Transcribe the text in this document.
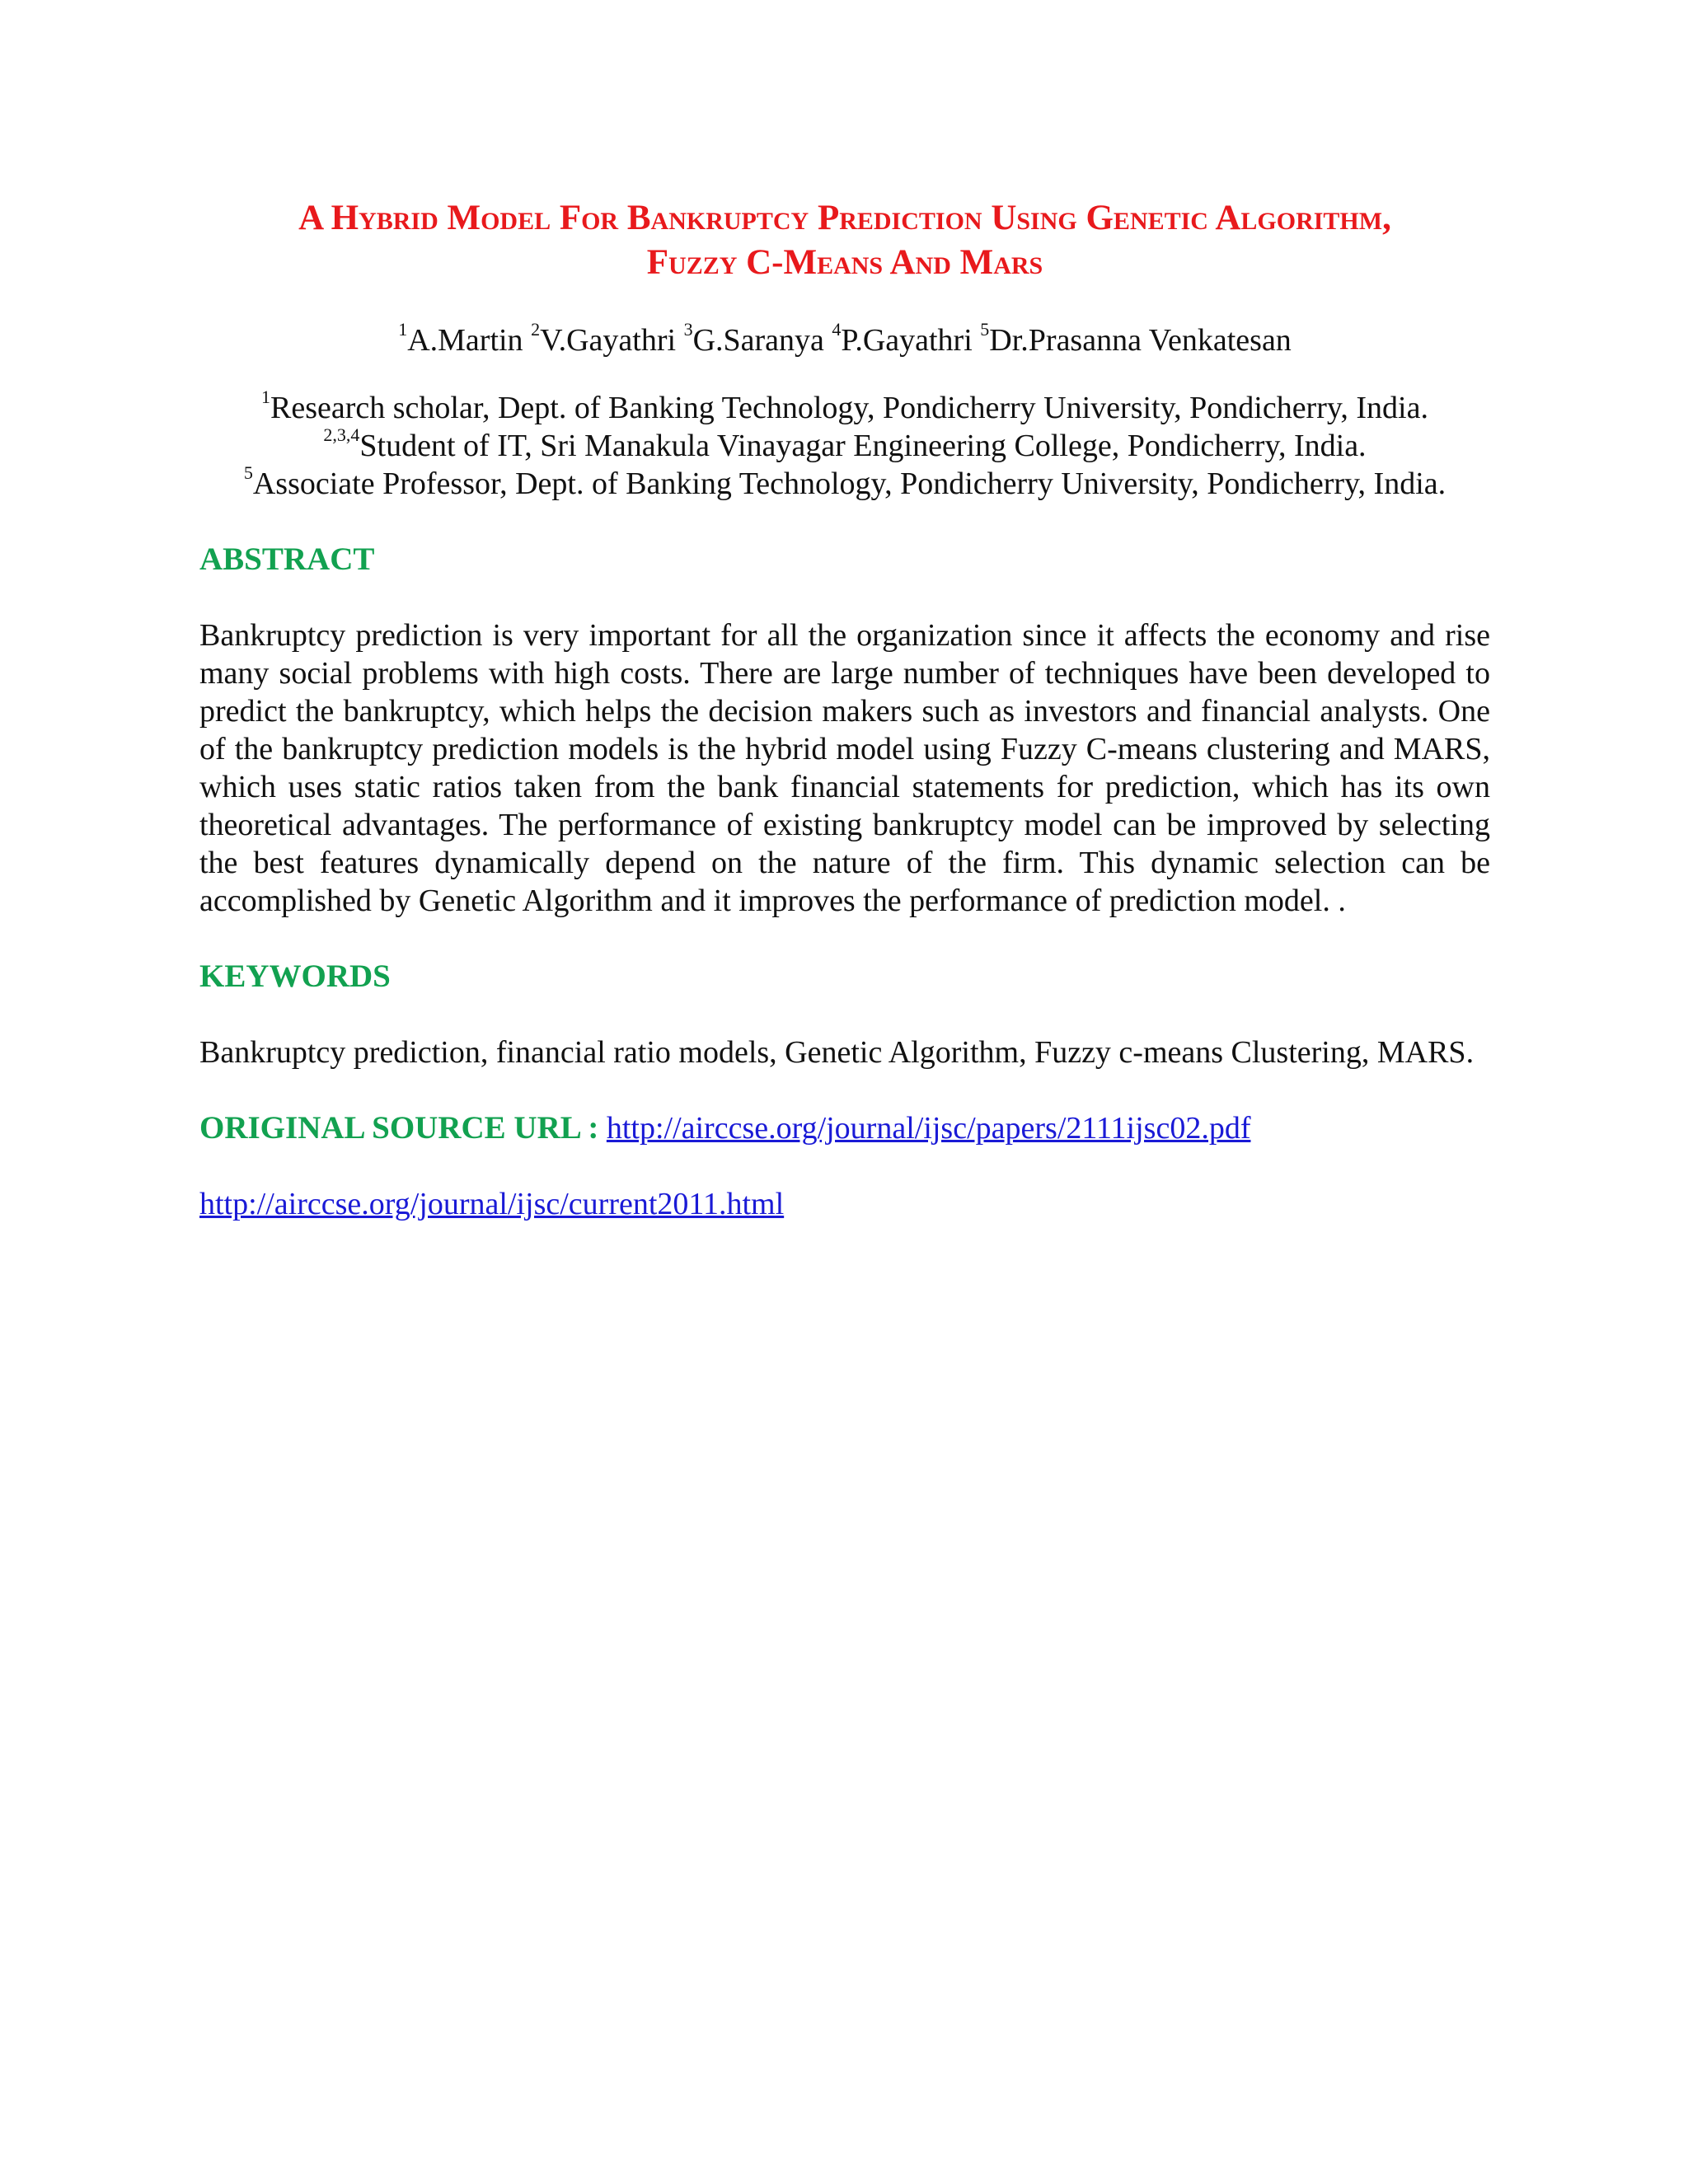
A Hybrid Model For Bankruptcy Prediction Using Genetic Algorithm,
Fuzzy C-Means And Mars
$^1$A.Martin $^2$V.Gayathri $^3$G.Saranya $^4$P.Gayathri $^5$Dr.Prasanna Venkatesan
$^1$Research scholar, Dept. of Banking Technology, Pondicherry University, Pondicherry, India.
$^{2,3,4}$Student of IT, Sri Manakula Vinayagar Engineering College, Pondicherry, India.
$^5$Associate Professor, Dept. of Banking Technology, Pondicherry University, Pondicherry, India.
ABSTRACT
Bankruptcy prediction is very important for all the organization since it affects the economy and rise many social problems with high costs. There are large number of techniques have been developed to predict the bankruptcy, which helps the decision makers such as investors and financial analysts. One of the bankruptcy prediction models is the hybrid model using Fuzzy C-means clustering and MARS, which uses static ratios taken from the bank financial statements for prediction, which has its own theoretical advantages. The performance of existing bankruptcy model can be improved by selecting the best features dynamically depend on the nature of the firm. This dynamic selection can be accomplished by Genetic Algorithm and it improves the performance of prediction model. .
KEYWORDS
Bankruptcy prediction, financial ratio models, Genetic Algorithm, Fuzzy c-means Clustering, MARS.
ORIGINAL SOURCE URL : http://airccse.org/journal/ijsc/papers/2111ijsc02.pdf
http://airccse.org/journal/ijsc/current2011.html
